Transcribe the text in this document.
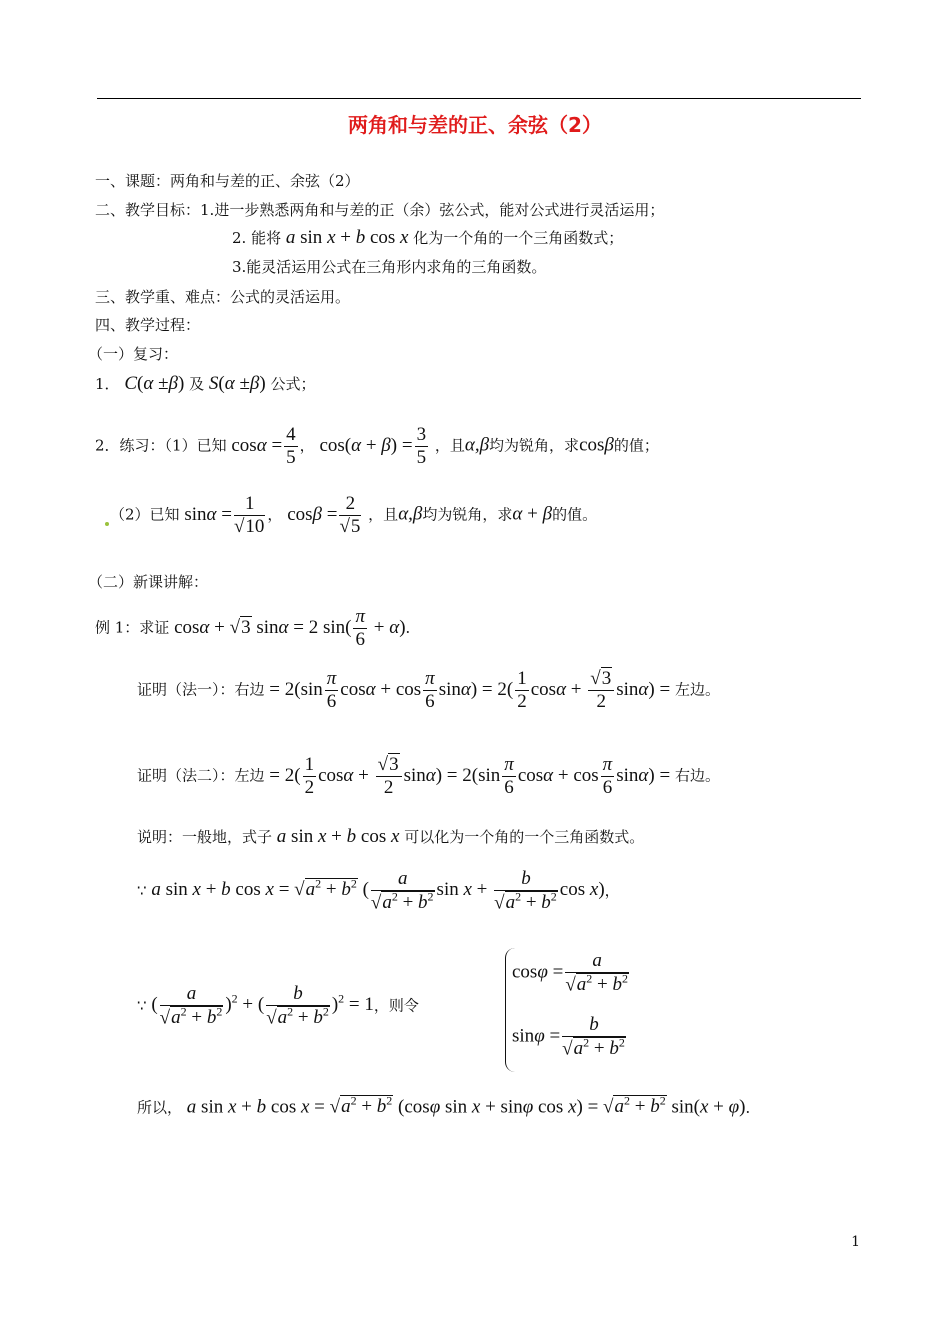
两角和与差的正、余弦（2）
一、课题：两角和与差的正、余弦（2）
二、教学目标：1.进一步熟悉两角和与差的正（余）弦公式，能对公式进行灵活运用；
2. 能将 a sin x + b cos x 化为一个角的一个三角函数式；
3.能灵活运用公式在三角形内求角的三角函数。
三、教学重、难点：公式的灵活运用。
四、教学过程：
（一）复习：
1． C(α ±β) 及 S(α ±β) 公式；
2．练习：（1）已知 $\cos\alpha = \frac{4}{5}$ ， $\cos(\alpha + \beta) = \frac{3}{5}$ ，且α,β均为锐角，求cosβ的值；
（2）已知 $\sin\alpha = \frac{1}{√10}$ ， $\cos\beta = \frac{2}{√5}$ ，且α,β均为锐角，求α + β的值。
（二）新课讲解：
例 1：求证 cosα + √3 sinα = 2 $\sin( \frac{\pi}{6} + \alpha)$．
证明（法一）：右边 = $2(\sin \frac{\pi}{6}$ $\cos\alpha + \cos \frac{\pi}{6} \sin\alpha) = 2( \frac{1}{2}$ $\cos\alpha + \frac{√3}{2} \sin\alpha$) = 左边。
证明（法二）：左边 = $2( \frac{1}{2}$ $\cos\alpha + \frac{√3}{2} \sin\alpha) = 2(\sin \frac{\pi}{6}$ $\cos\alpha + \cos \frac{\pi}{6} \sin\alpha$) = 右边。
说明：一般地，式子 a sin x + b cos x 可以化为一个角的一个三角函数式。
∵ a sin x + b $\cos x = √a^2 + b^2$ ( $\frac{a}{√a^2 + b^2}$ $\sin x + \frac{b}{√a^2 + b^2}$ cos x)，
∵ ( $\frac{a}{√a^2 + b^2} )^2$ + ( $\frac{b}{√a^2 + b^2} )^2 = 1$，则令
$\cos\varphi = \frac{a}{√a^2 + b^2}$
$\sin\varphi = \frac{b}{√a^2 + b^2}$
所以， a sin x + b $\cos x = √a^2 + b^2$ (cosφ sin x + sinφ $\cos x) = √a^2 + b^2$ sin(x + φ)．
1
